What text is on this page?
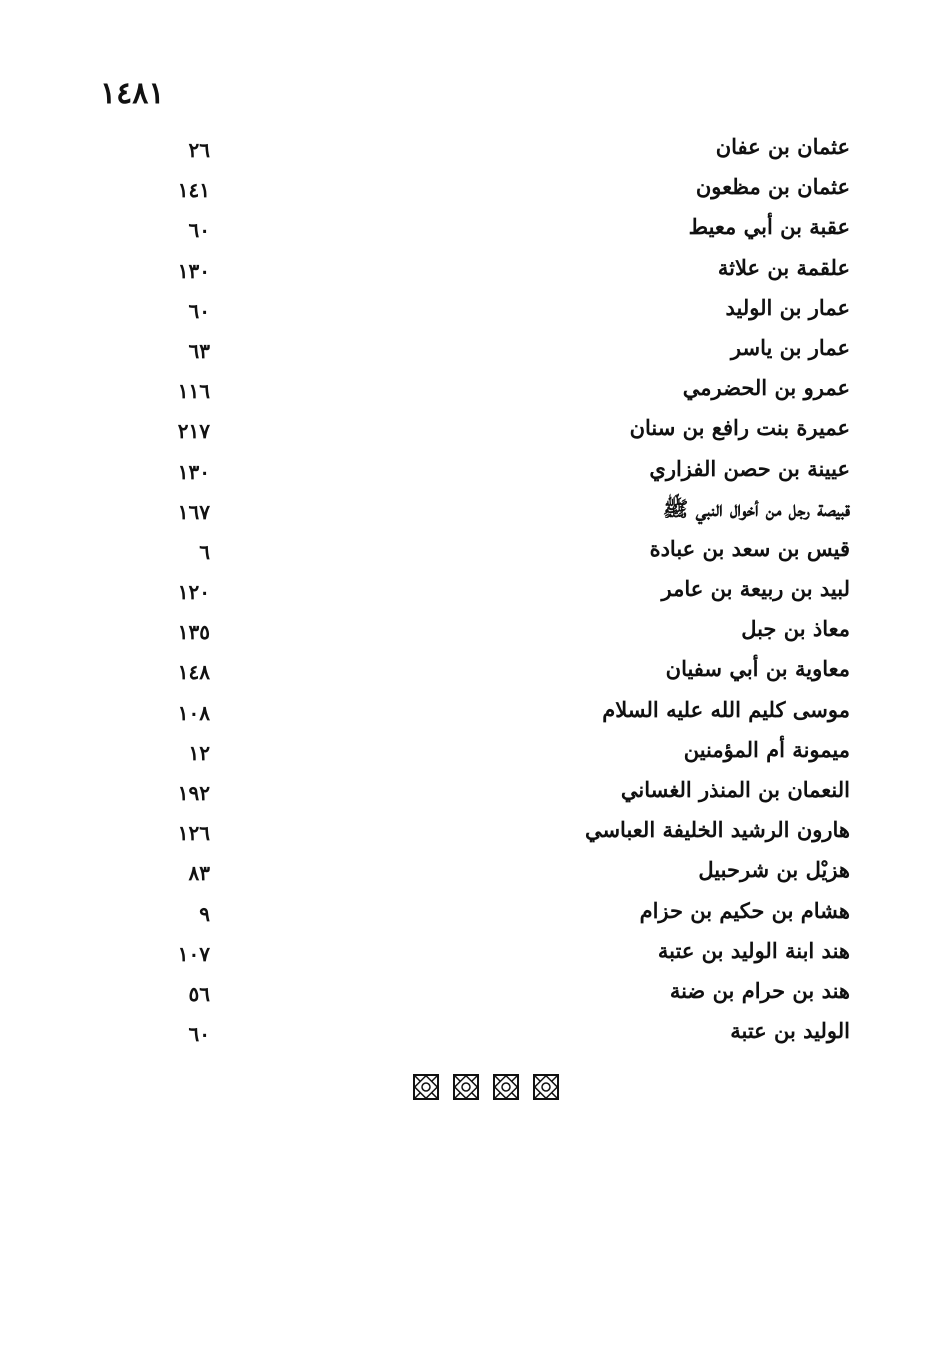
١٤٨١
عثمان بن عفان
٢٦
عثمان بن مظعون
١٤١
عقبة بن أبي معيط
٦٠
علقمة بن علاثة
١٣٠
عمار بن الوليد
٦٠
عمار بن ياسر
٦٣
عمرو بن الحضرمي
١١٦
عميرة بنت رافع بن سنان
٢١٧
عيينة بن حصن الفزاري
١٣٠
قبيصة رجل من أخوال النبي ﷺ
١٦٧
قيس بن سعد بن عبادة
٦
لبيد بن ربيعة بن عامر
١٢٠
معاذ بن جبل
١٣٥
معاوية بن أبي سفيان
١٤٨
موسى كليم الله عليه السلام
١٠٨
ميمونة أم المؤمنين
١٢
النعمان بن المنذر الغساني
١٩٢
هارون الرشيد الخليفة العباسي
١٢٦
هزيْل بن شرحبيل
٨٣
هشام بن حكيم بن حزام
٩
هند ابنة الوليد بن عتبة
١٠٧
هند بن حرام بن ضنة
٥٦
الوليد بن عتبة
٦٠
